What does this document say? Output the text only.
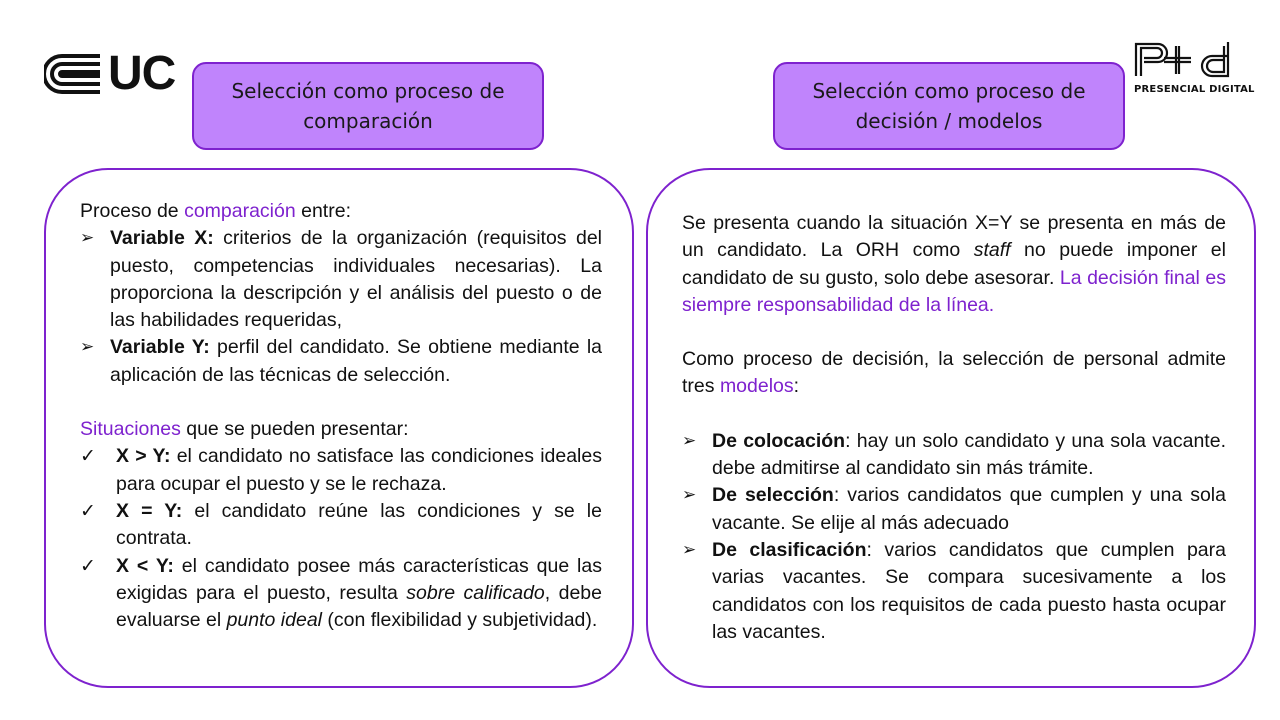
UC	PRESENCIAL DIGITAL
Selección como proceso de comparación
Selección como proceso de decisión / modelos

Proceso de comparación entre:

➢ Variable X: criterios de la organización (requisitos del puesto, competencias individuales necesarias). La proporciona la descripción y el análisis del puesto o de las habilidades requeridas,
➢ Variable Y: perfil del candidato. Se obtiene mediante la aplicación de las técnicas de selección.

Situaciones que se pueden presentar:

✓	X > Y: el candidato no satisface las condiciones ideales para ocupar el puesto y se le rechaza.
✓	X = Y: el candidato reúne las condiciones y se le contrata.
✓	X < Y: el candidato posee más características que las exigidas para el puesto, resulta sobre calificado, debe evaluarse el punto ideal (con flexibilidad y subjetividad).

Se presenta cuando la situación X=Y se presenta en más de un candidato. La ORH como staff no puede imponer el candidato de su gusto, solo debe asesorar. La decisión final es siempre responsabilidad de la línea.

Como proceso de decisión, la selección de personal admite tres modelos:

➢ De colocación: hay un solo candidato y una sola vacante. debe admitirse al candidato sin más trámite.
➢ De selección: varios candidatos que cumplen y una sola vacante. Se elije al más adecuado
➢ De clasificación: varios candidatos que cumplen para varias vacantes. Se compara sucesivamente a los candidatos con los requisitos de cada puesto hasta ocupar las vacantes.
